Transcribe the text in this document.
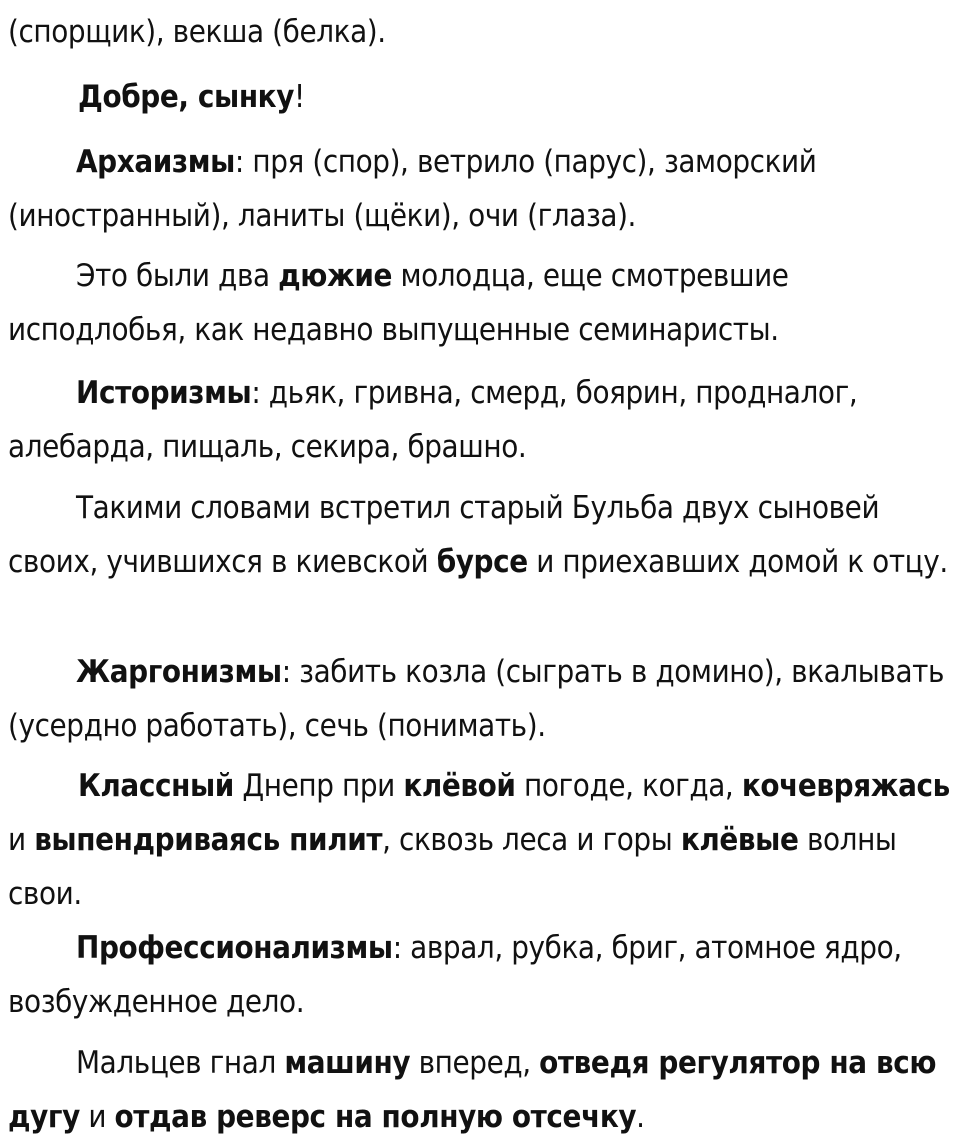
(спорщик), векша (белка).

Добре, сынку!

Архаизмы: пря (спор), ветрило (парус), заморский (иностранный), ланиты (щёки), очи (глаза).

Это были два дюжие молодца, еще смотревшие исподлобья, как недавно выпущенные семинаристы.

Историзмы: дьяк, гривна, смерд, боярин, продналог, алебарда, пищаль, секира, брашно.

Такими словами встретил старый Бульба двух сыновей своих, учившихся в киевской бурсе и приехавших домой к отцу.

Жаргонизмы: забить козла (сыграть в домино), вкалывать (усердно работать), сечь (понимать).

Классный Днепр при клёвой погоде, когда, кочевряжась и выпендриваясь пилит, сквозь леса и горы клёвые волны свои.

Профессионализмы: аврал, рубка, бриг, атомное ядро, возбужденное дело.

Мальцев гнал машину вперед, отведя регулятор на всю дугу и отдав реверс на полную отсечку.
